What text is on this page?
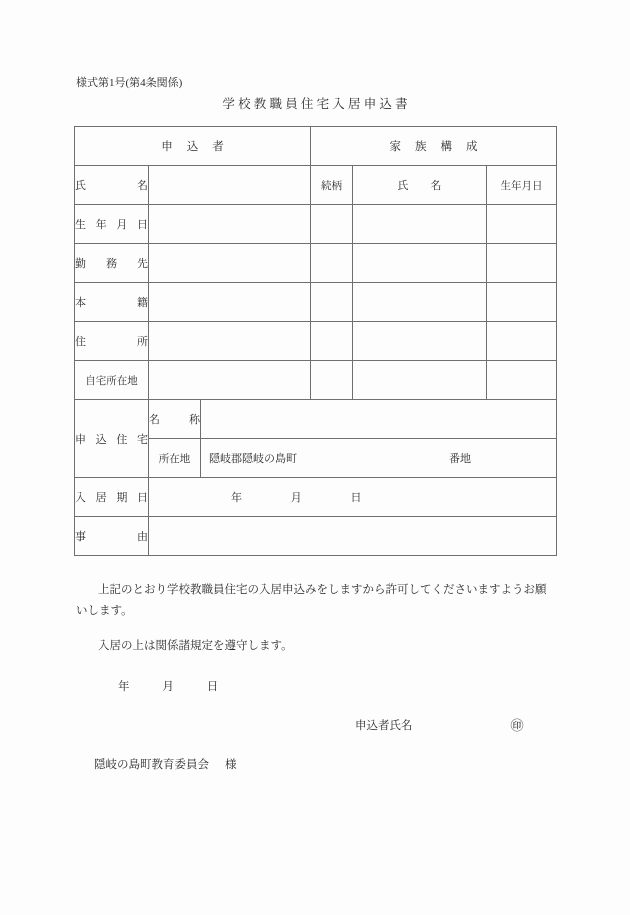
様式第1号(第4条関係)
学校教職員住宅入居申込書
申込者			家族構成		
氏名			続柄	氏名	生年月日
生年月日					
勤務先					
本籍					
住所					
自宅所在地					
申込住宅	名称				
	所在地	隠岐郡隠岐の島町 番地			

入居期日	年 月 日				

事由					
上記のとおり学校教職員住宅の入居申込みをしますから許可してくださいますようお願いします。
入居の上は関係諸規定を遵守します。
年	月	日
申込者氏名	㊞
隠岐の島町教育委員会 様
